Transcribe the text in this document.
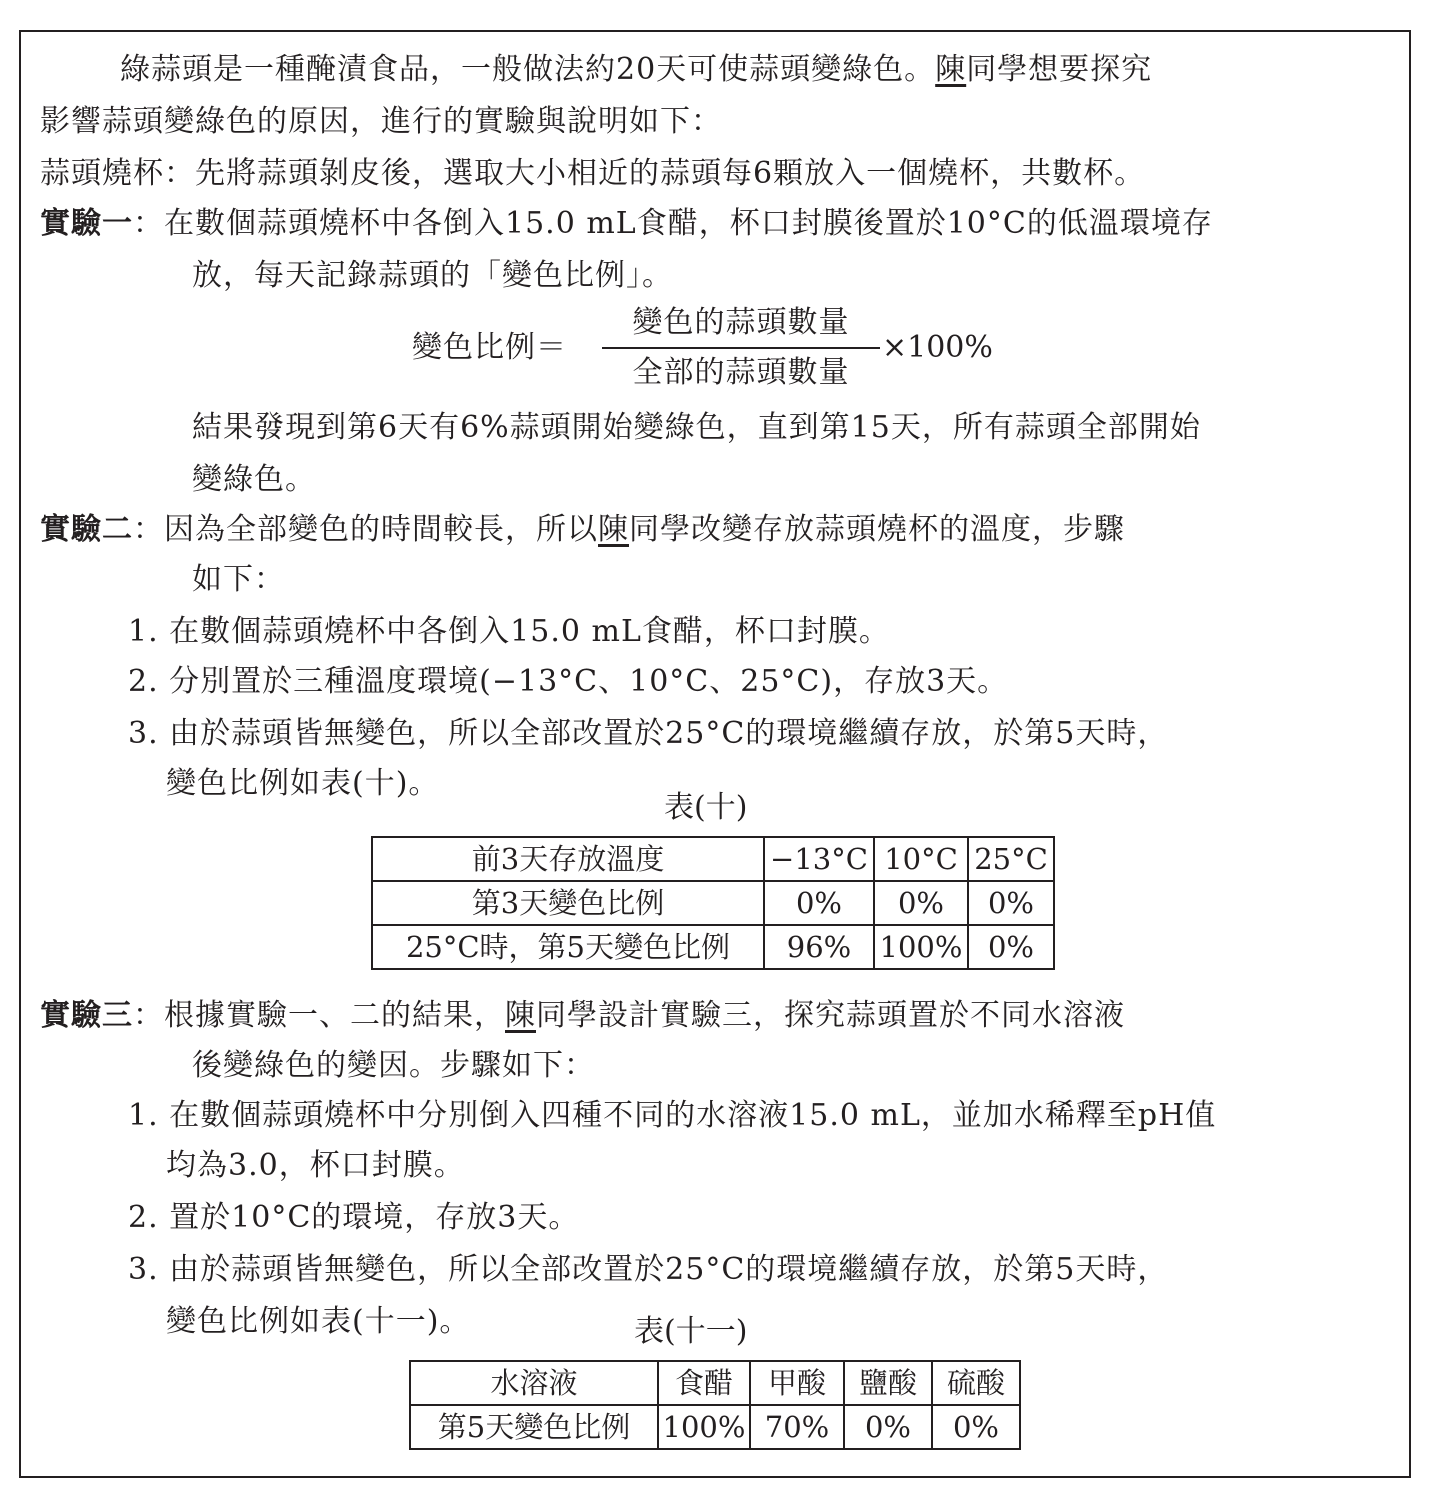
綠蒜頭是一種醃漬食品，一般做法約20天可使蒜頭變綠色。陳同學想要探究
影響蒜頭變綠色的原因，進行的實驗與說明如下：
蒜頭燒杯：先將蒜頭剝皮後，選取大小相近的蒜頭每6顆放入一個燒杯，共數杯。
實驗一：在數個蒜頭燒杯中各倒入15.0 mL食醋，杯口封膜後置於10°C的低溫環境存
放，每天記錄蒜頭的「變色比例」。
變色比例＝
變色的蒜頭數量
全部的蒜頭數量
×100%
結果發現到第6天有6%蒜頭開始變綠色，直到第15天，所有蒜頭全部開始
變綠色。
實驗二：因為全部變色的時間較長，所以陳同學改變存放蒜頭燒杯的溫度，步驟
如下：
1. 在數個蒜頭燒杯中各倒入15.0 mL食醋，杯口封膜。
2. 分別置於三種溫度環境(−13°C、10°C、25°C)，存放3天。
3. 由於蒜頭皆無變色，所以全部改置於25°C的環境繼續存放，於第5天時，
變色比例如表(十)。
表(十)
前3天存放溫度	−13°C	10°C	25°C
第3天變色比例	0%	0%	0%
25°C時，第5天變色比例	96%	100%	0%
實驗三：根據實驗一、二的結果，陳同學設計實驗三，探究蒜頭置於不同水溶液
後變綠色的變因。步驟如下：
1. 在數個蒜頭燒杯中分別倒入四種不同的水溶液15.0 mL，並加水稀釋至pH值
均為3.0，杯口封膜。
2. 置於10°C的環境，存放3天。
3. 由於蒜頭皆無變色，所以全部改置於25°C的環境繼續存放，於第5天時，
變色比例如表(十一)。	表(十一)
水溶液	食醋	甲酸	鹽酸	硫酸
第5天變色比例	100%	70%	0%	0%
